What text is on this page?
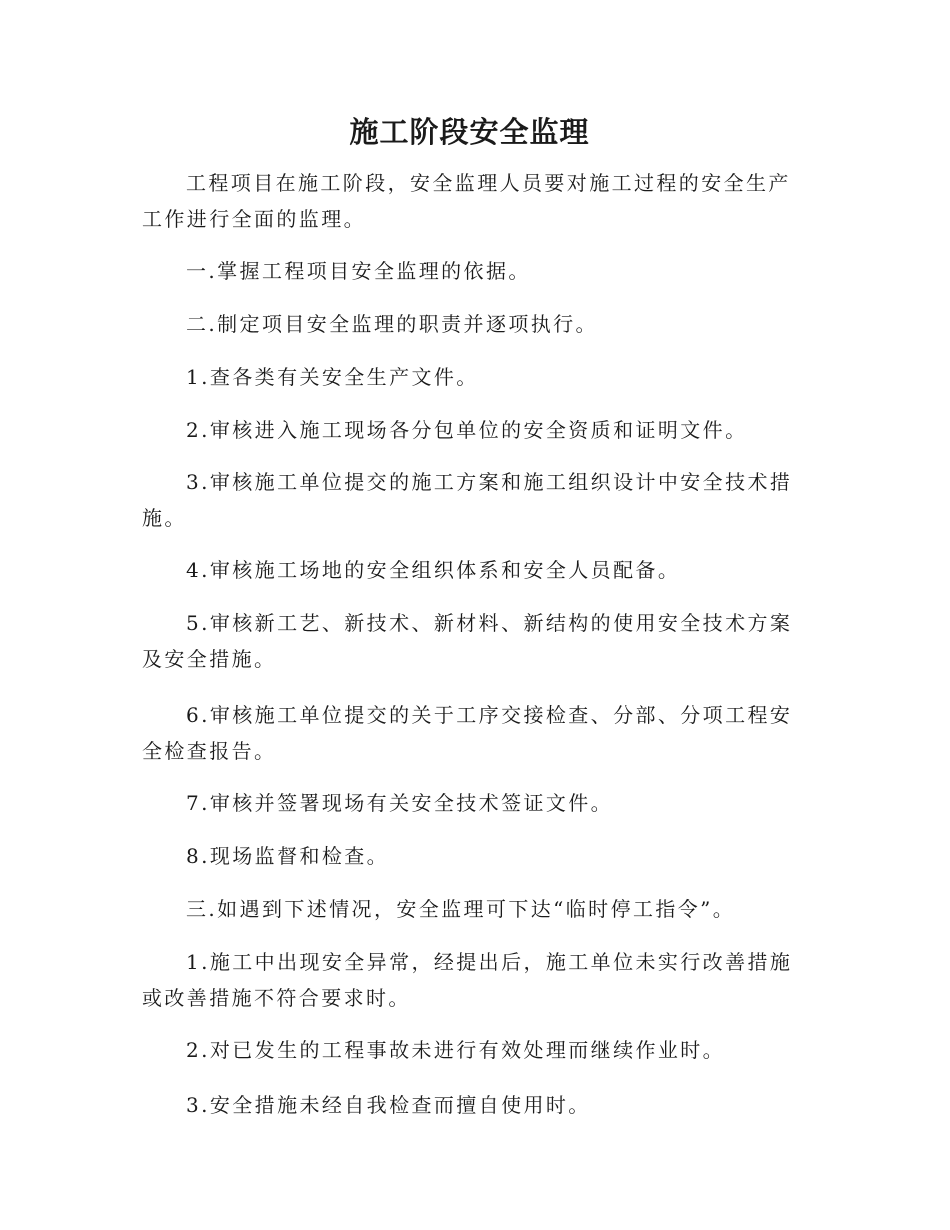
施工阶段安全监理

工程项目在施工阶段，安全监理人员要对施工过程的安全生产工作进行全面的监理。

一.掌握工程项目安全监理的依据。

二.制定项目安全监理的职责并逐项执行。

1.查各类有关安全生产文件。

2.审核进入施工现场各分包单位的安全资质和证明文件。

3.审核施工单位提交的施工方案和施工组织设计中安全技术措施。

4.审核施工场地的安全组织体系和安全人员配备。

5.审核新工艺、新技术、新材料、新结构的使用安全技术方案及安全措施。

6.审核施工单位提交的关于工序交接检查、分部、分项工程安全检查报告。

7.审核并签署现场有关安全技术签证文件。

8.现场监督和检查。

三.如遇到下述情况，安全监理可下达“临时停工指令”。

1.施工中出现安全异常，经提出后，施工单位未实行改善措施或改善措施不符合要求时。

2.对已发生的工程事故未进行有效处理而继续作业时。

3.安全措施未经自我检查而擅自使用时。
